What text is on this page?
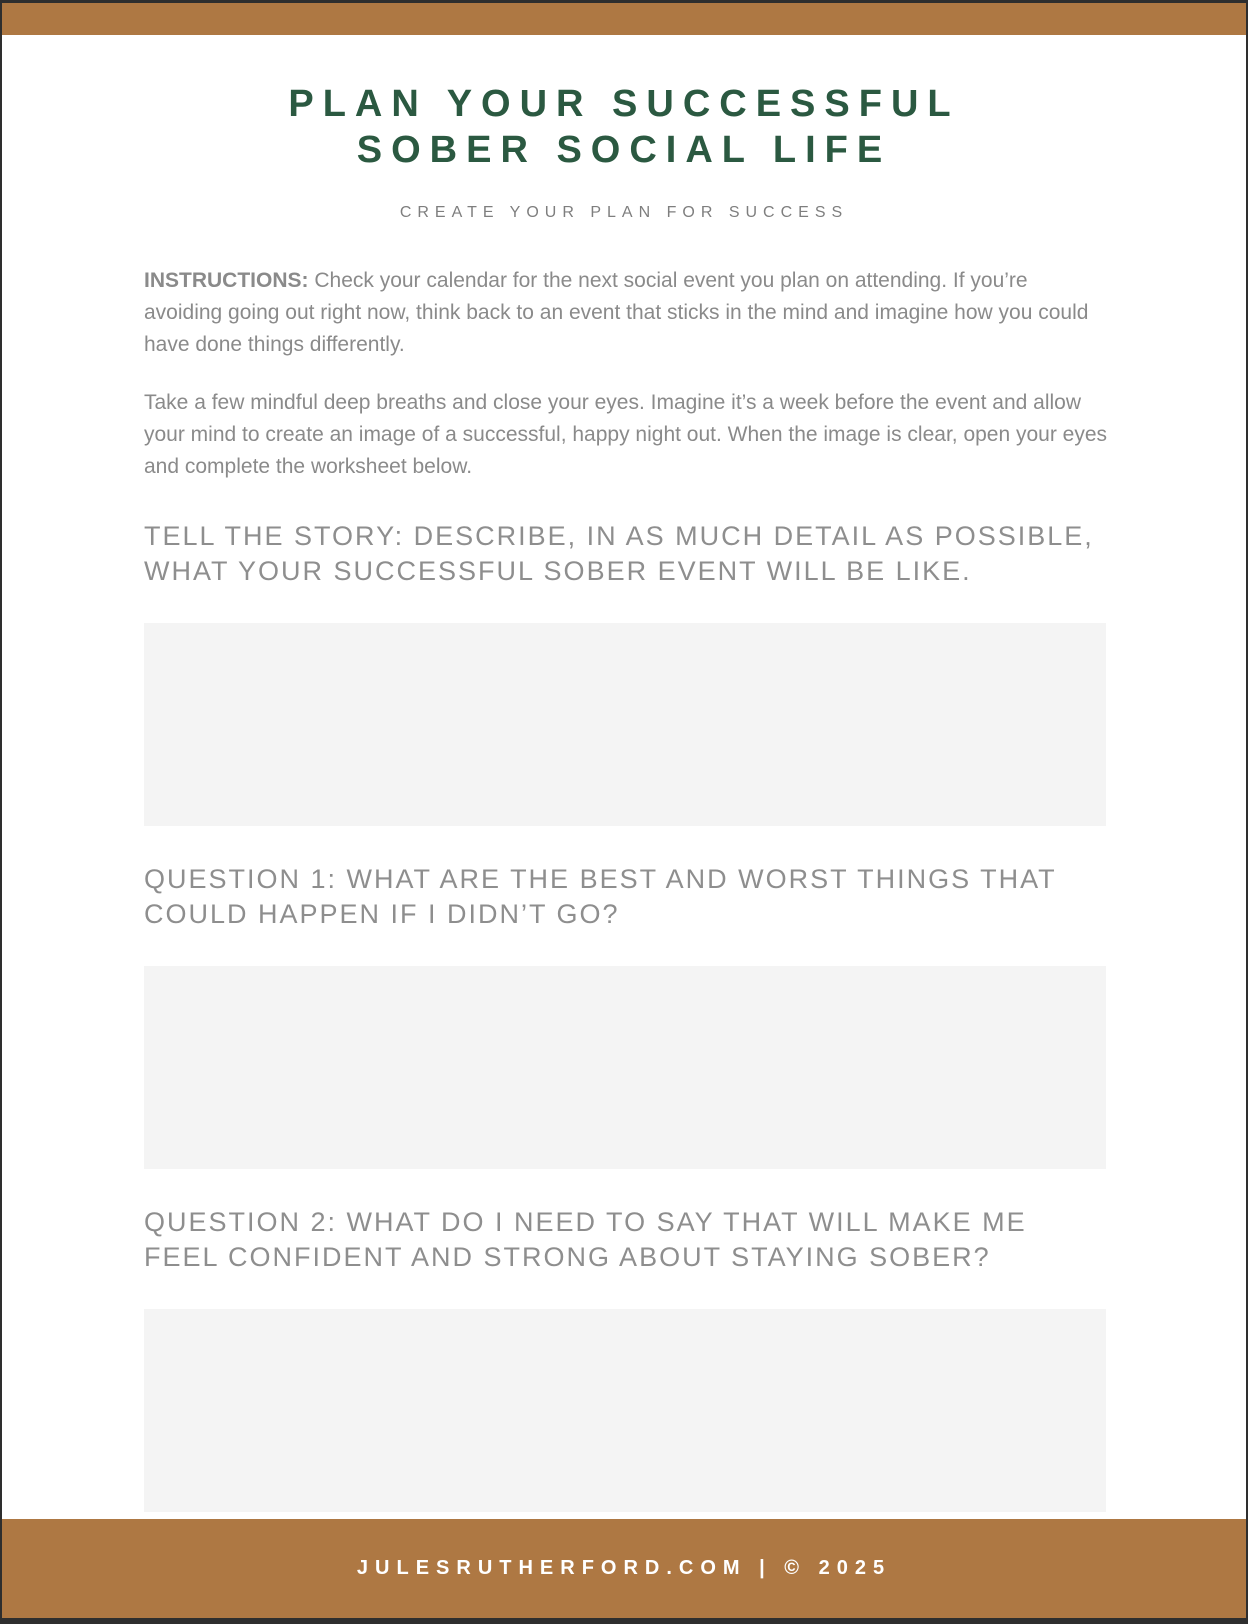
PLAN YOUR SUCCESSFUL
SOBER SOCIAL LIFE
CREATE YOUR PLAN FOR SUCCESS

INSTRUCTIONS: Check your calendar for the next social event you plan on attending. If you’re avoiding going out right now, think back to an event that sticks in the mind and imagine how you could have done things differently.

Take a few mindful deep breaths and close your eyes. Imagine it’s a week before the event and allow your mind to create an image of a successful, happy night out. When the image is clear, open your eyes and complete the worksheet below.

TELL THE STORY: DESCRIBE, IN AS MUCH DETAIL AS POSSIBLE, WHAT YOUR SUCCESSFUL SOBER EVENT WILL BE LIKE.
QUESTION 1: WHAT ARE THE BEST AND WORST THINGS THAT COULD HAPPEN IF I DIDN’T GO?
QUESTION 2: WHAT DO I NEED TO SAY THAT WILL MAKE ME FEEL CONFIDENT AND STRONG ABOUT STAYING SOBER?
JULESRUTHERFORD.COM | © 2025
